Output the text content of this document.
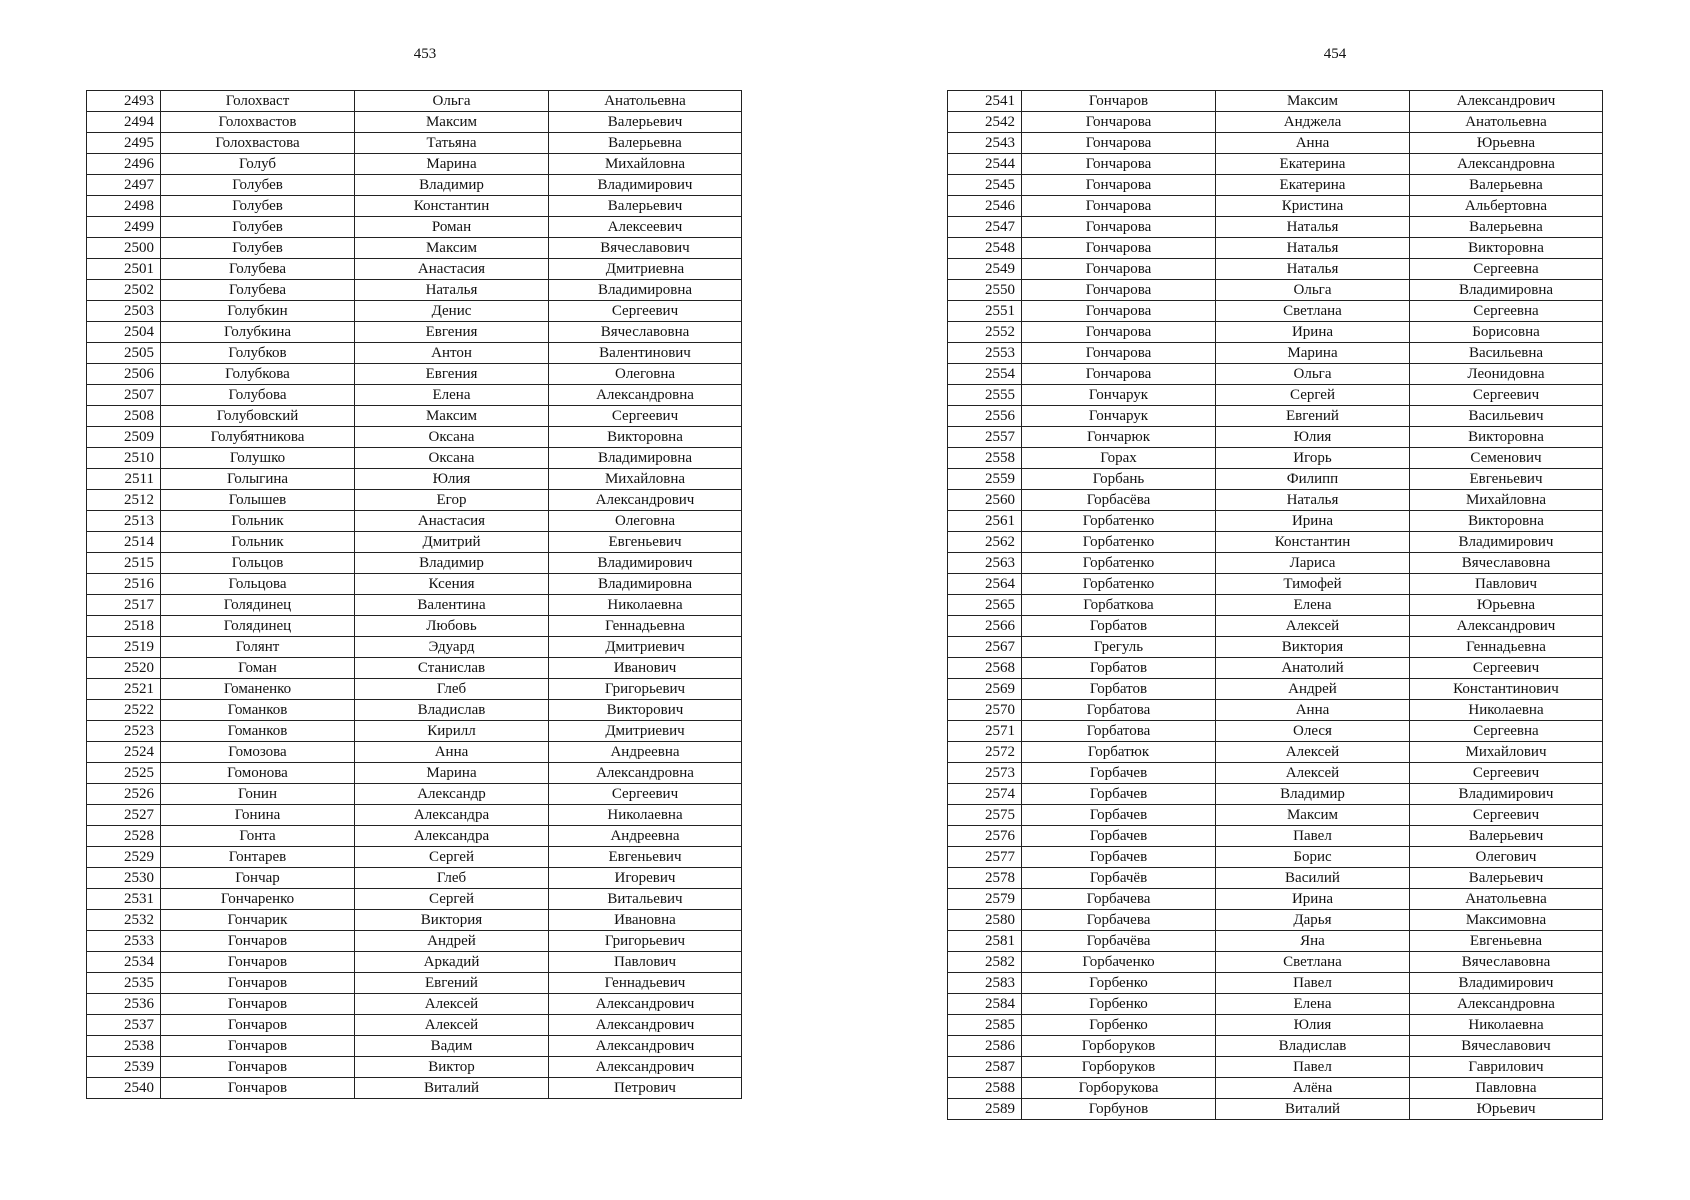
453
2493	Голохваст	Ольга	Анатольевна
2494	Голохвастов	Максим	Валерьевич
2495	Голохвастова	Татьяна	Валерьевна
2496	Голуб	Марина	Михайловна
2497	Голубев	Владимир	Владимирович
2498	Голубев	Константин	Валерьевич
2499	Голубев	Роман	Алексеевич
2500	Голубев	Максим	Вячеславович
2501	Голубева	Анастасия	Дмитриевна
2502	Голубева	Наталья	Владимировна
2503	Голубкин	Денис	Сергеевич
2504	Голубкина	Евгения	Вячеславовна
2505	Голубков	Антон	Валентинович
2506	Голубкова	Евгения	Олеговна
2507	Голубова	Елена	Александровна
2508	Голубовский	Максим	Сергеевич
2509	Голубятникова	Оксана	Викторовна
2510	Голушко	Оксана	Владимировна
2511	Голыгина	Юлия	Михайловна
2512	Голышев	Егор	Александрович
2513	Гольник	Анастасия	Олеговна
2514	Гольник	Дмитрий	Евгеньевич
2515	Гольцов	Владимир	Владимирович
2516	Гольцова	Ксения	Владимировна
2517	Голядинец	Валентина	Николаевна
2518	Голядинец	Любовь	Геннадьевна
2519	Голянт	Эдуард	Дмитриевич
2520	Гоман	Станислав	Иванович
2521	Гоманенко	Глеб	Григорьевич
2522	Гоманков	Владислав	Викторович
2523	Гоманков	Кирилл	Дмитриевич
2524	Гомозова	Анна	Андреевна
2525	Гомонова	Марина	Александровна
2526	Гонин	Александр	Сергеевич
2527	Гонина	Александра	Николаевна
2528	Гонта	Александра	Андреевна
2529	Гонтарев	Сергей	Евгеньевич
2530	Гончар	Глеб	Игоревич
2531	Гончаренко	Сергей	Витальевич
2532	Гончарик	Виктория	Ивановна
2533	Гончаров	Андрей	Григорьевич
2534	Гончаров	Аркадий	Павлович
2535	Гончаров	Евгений	Геннадьевич
2536	Гончаров	Алексей	Александрович
2537	Гончаров	Алексей	Александрович
2538	Гончаров	Вадим	Александрович
2539	Гончаров	Виктор	Александрович
2540	Гончаров	Виталий	Петрович
454
2541	Гончаров	Максим	Александрович
2542	Гончарова	Анджела	Анатольевна
2543	Гончарова	Анна	Юрьевна
2544	Гончарова	Екатерина	Александровна
2545	Гончарова	Екатерина	Валерьевна
2546	Гончарова	Кристина	Альбертовна
2547	Гончарова	Наталья	Валерьевна
2548	Гончарова	Наталья	Викторовна
2549	Гончарова	Наталья	Сергеевна
2550	Гончарова	Ольга	Владимировна
2551	Гончарова	Светлана	Сергеевна
2552	Гончарова	Ирина	Борисовна
2553	Гончарова	Марина	Васильевна
2554	Гончарова	Ольга	Леонидовна
2555	Гончарук	Сергей	Сергеевич
2556	Гончарук	Евгений	Васильевич
2557	Гончарюк	Юлия	Викторовна
2558	Горах	Игорь	Семенович
2559	Горбань	Филипп	Евгеньевич
2560	Горбасёва	Наталья	Михайловна
2561	Горбатенко	Ирина	Викторовна
2562	Горбатенко	Константин	Владимирович
2563	Горбатенко	Лариса	Вячеславовна
2564	Горбатенко	Тимофей	Павлович
2565	Горбаткова	Елена	Юрьевна
2566	Горбатов	Алексей	Александрович
2567	Грегуль	Виктория	Геннадьевна
2568	Горбатов	Анатолий	Сергеевич
2569	Горбатов	Андрей	Константинович
2570	Горбатова	Анна	Николаевна
2571	Горбатова	Олеся	Сергеевна
2572	Горбатюк	Алексей	Михайлович
2573	Горбачев	Алексей	Сергеевич
2574	Горбачев	Владимир	Владимирович
2575	Горбачев	Максим	Сергеевич
2576	Горбачев	Павел	Валерьевич
2577	Горбачев	Борис	Олегович
2578	Горбачёв	Василий	Валерьевич
2579	Горбачева	Ирина	Анатольевна
2580	Горбачева	Дарья	Максимовна
2581	Горбачёва	Яна	Евгеньевна
2582	Горбаченко	Светлана	Вячеславовна
2583	Горбенко	Павел	Владимирович
2584	Горбенко	Елена	Александровна
2585	Горбенко	Юлия	Николаевна
2586	Горборуков	Владислав	Вячеславович
2587	Горборуков	Павел	Гаврилович
2588	Горборукова	Алёна	Павловна
2589	Горбунов	Виталий	Юрьевич
